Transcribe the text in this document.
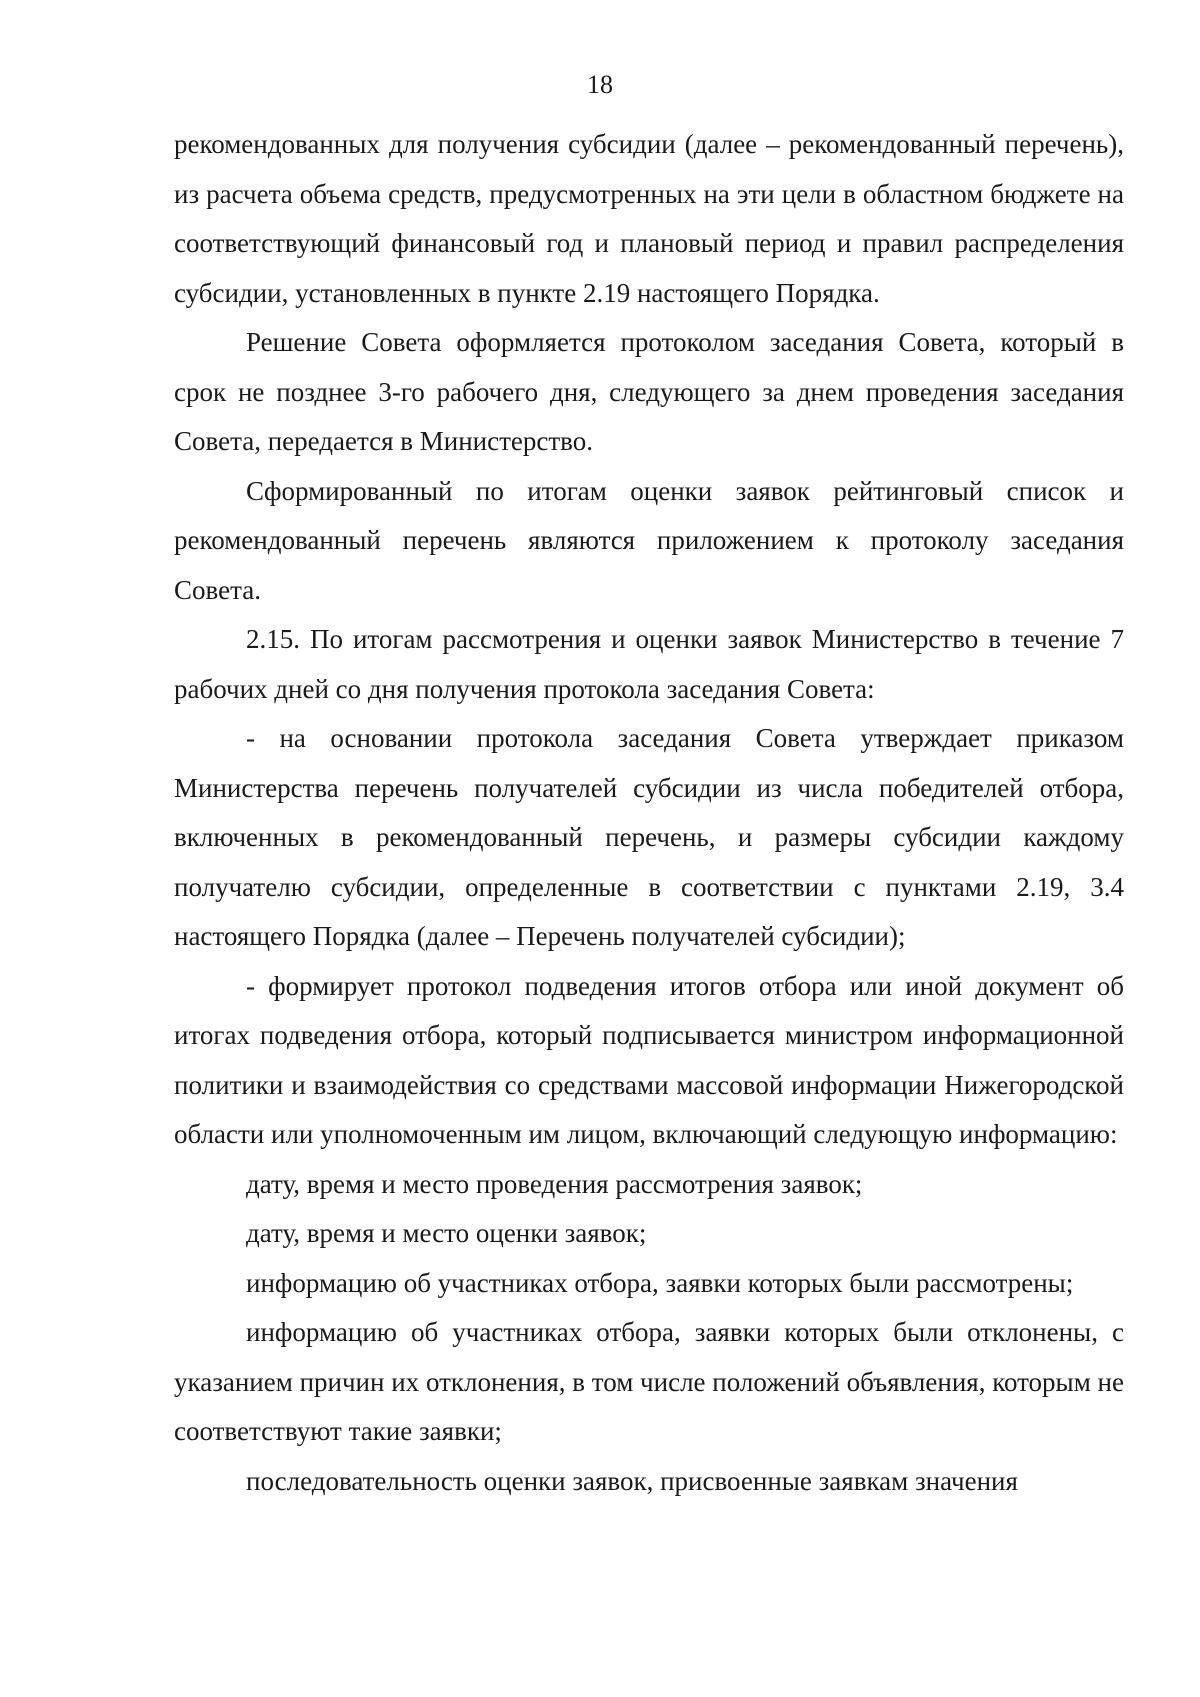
18

рекомендованных для получения субсидии (далее – рекомендованный перечень), из расчета объема средств, предусмотренных на эти цели в областном бюджете на соответствующий финансовый год и плановый период и правил распределения субсидии, установленных в пункте 2.19 настоящего Порядка.

Решение Совета оформляется протоколом заседания Совета, который в срок не позднее 3-го рабочего дня, следующего за днем проведения заседания Совета, передается в Министерство.

Сформированный по итогам оценки заявок рейтинговый список и рекомендованный перечень являются приложением к протоколу заседания Совета.

2.15. По итогам рассмотрения и оценки заявок Министерство в течение 7 рабочих дней со дня получения протокола заседания Совета:

- на основании протокола заседания Совета утверждает приказом Министерства перечень получателей субсидии из числа победителей отбора, включенных в рекомендованный перечень, и размеры субсидии каждому получателю субсидии, определенные в соответствии с пунктами 2.19, 3.4 настоящего Порядка (далее – Перечень получателей субсидии);

- формирует протокол подведения итогов отбора или иной документ об итогах подведения отбора, который подписывается министром информационной политики и взаимодействия со средствами массовой информации Нижегородской области или уполномоченным им лицом, включающий следующую информацию:

дату, время и место проведения рассмотрения заявок;

дату, время и место оценки заявок;

информацию об участниках отбора, заявки которых были рассмотрены;

информацию об участниках отбора, заявки которых были отклонены, с указанием причин их отклонения, в том числе положений объявления, которым не соответствуют такие заявки;

последовательность оценки заявок, присвоенные заявкам значения
